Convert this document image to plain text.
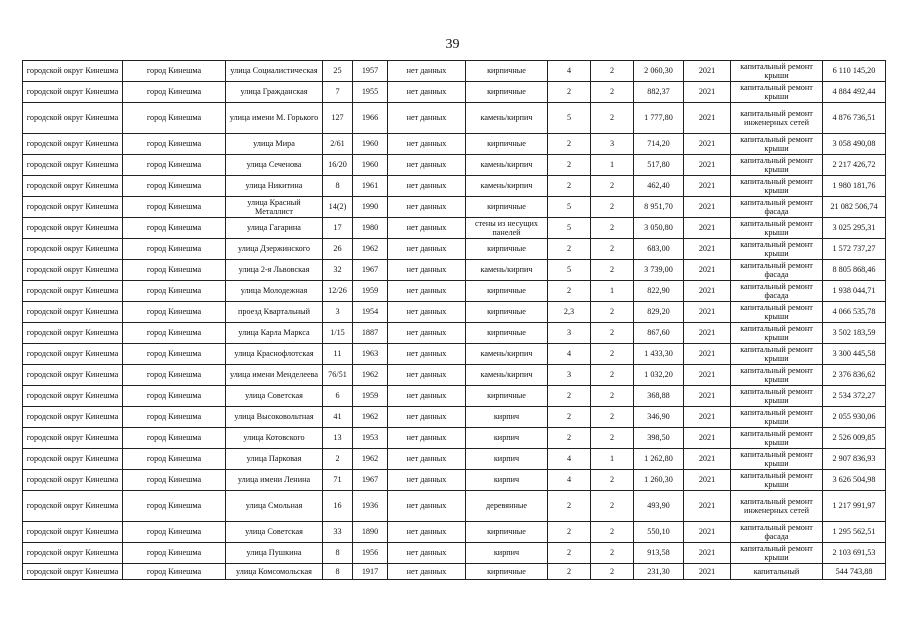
39
городской округ Кинешма	город Кинешма	улица Социалистическая	25	1957	нет данных	кирпичные	4	2	2 060,30	2021	капитальный ремонт крыши	6 110 145,20
городской округ Кинешма	город Кинешма	улица Гражданская	7	1955	нет данных	кирпичные	2	2	882,37	2021	капитальный ремонт крыши	4 884 492,44
городской округ Кинешма	город Кинешма	улица имени М. Горького	127	1966	нет данных	камень/кирпич	5	2	1 777,80	2021	капитальный ремонт инженерных сетей	4 876 736,51
городской округ Кинешма	город Кинешма	улица Мира	2/61	1960	нет данных	кирпичные	2	3	714,20	2021	капитальный ремонт крыши	3 058 490,08
городской округ Кинешма	город Кинешма	улица Сеченова	16/20	1960	нет данных	камень/кирпич	2	1	517,80	2021	капитальный ремонт крыши	2 217 426,72
городской округ Кинешма	город Кинешма	улица Никитина	8	1961	нет данных	камень/кирпич	2	2	462,40	2021	капитальный ремонт крыши	1 980 181,76
городской округ Кинешма	город Кинешма	улица Красный Металлист	14(2)	1990	нет данных	кирпичные	5	2	8 951,70	2021	капитальный ремонт фасада	21 082 506,74
городской округ Кинешма	город Кинешма	улица Гагарина	17	1980	нет данных	стены из несущих панелей	5	2	3 050,80	2021	капитальный ремонт крыши	3 025 295,31
городской округ Кинешма	город Кинешма	улица Дзержинского	26	1962	нет данных	кирпичные	2	2	683,00	2021	капитальный ремонт крыши	1 572 737,27
городской округ Кинешма	город Кинешма	улица 2-я Львовская	32	1967	нет данных	камень/кирпич	5	2	3 739,00	2021	капитальный ремонт фасада	8 805 868,46
городской округ Кинешма	город Кинешма	улица Молодежная	12/26	1959	нет данных	кирпичные	2	1	822,90	2021	капитальный ремонт фасада	1 938 044,71
городской округ Кинешма	город Кинешма	проезд Квартальный	3	1954	нет данных	кирпичные	2,3	2	829,20	2021	капитальный ремонт крыши	4 066 535,78
городской округ Кинешма	город Кинешма	улица Карла Маркса	1/15	1887	нет данных	кирпичные	3	2	867,60	2021	капитальный ремонт крыши	3 502 183,59
городской округ Кинешма	город Кинешма	улица Краснофлотская	11	1963	нет данных	камень/кирпич	4	2	1 433,30	2021	капитальный ремонт крыши	3 300 445,58
городской округ Кинешма	город Кинешма	улица имени Менделеева	76/51	1962	нет данных	камень/кирпич	3	2	1 032,20	2021	капитальный ремонт крыши	2 376 836,62
городской округ Кинешма	город Кинешма	улица Советская	6	1959	нет данных	кирпичные	2	2	368,88	2021	капитальный ремонт крыши	2 534 372,27
городской округ Кинешма	город Кинешма	улица Высоковольтная	41	1962	нет данных	кирпич	2	2	346,90	2021	капитальный ремонт крыши	2 055 930,06
городской округ Кинешма	город Кинешма	улица Котовского	13	1953	нет данных	кирпич	2	2	398,50	2021	капитальный ремонт крыши	2 526 009,85
городской округ Кинешма	город Кинешма	улица Парковая	2	1962	нет данных	кирпич	4	1	1 262,80	2021	капитальный ремонт крыши	2 907 836,93
городской округ Кинешма	город Кинешма	улица имени Ленина	71	1967	нет данных	кирпич	4	2	1 260,30	2021	капитальный ремонт крыши	3 626 504,98
городской округ Кинешма	город Кинешма	улица Смольная	16	1936	нет данных	деревянные	2	2	493,90	2021	капитальный ремонт инженерных сетей	1 217 991,97
городской округ Кинешма	город Кинешма	улица Советская	33	1890	нет данных	кирпичные	2	2	550,10	2021	капитальный ремонт фасада	1 295 562,51
городской округ Кинешма	город Кинешма	улица Пушкина	8	1956	нет данных	кирпич	2	2	913,58	2021	капитальный ремонт крыши	2 103 691,53
городской округ Кинешма	город Кинешма	улица Комсомольская	8	1917	нет данных	кирпичные	2	2	231,30	2021	капитальный	544 743,88
